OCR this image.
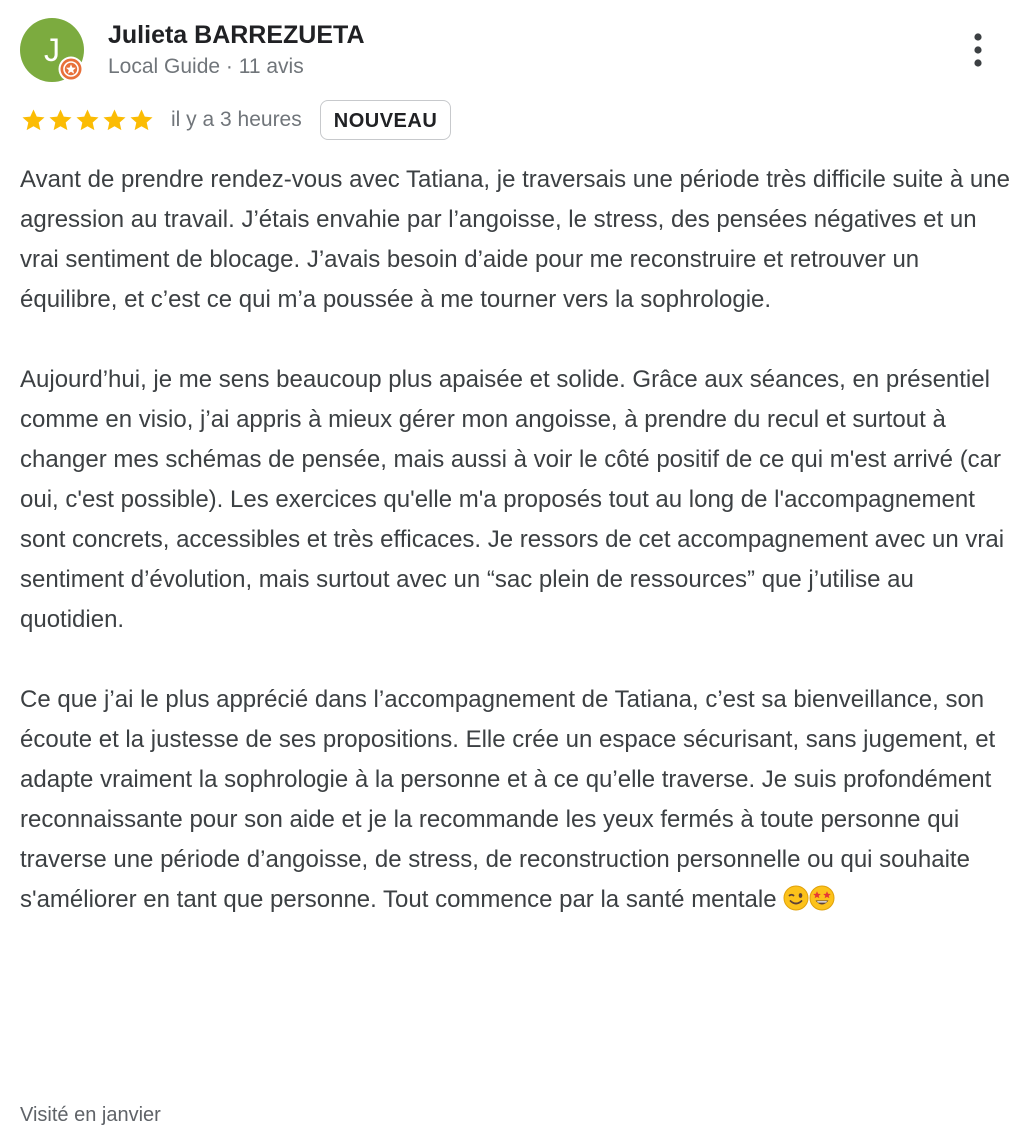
J	Julieta BARREZUETA
Local Guide · 11 avis
il y a 3 heures	NOUVEAU

Avant de prendre rendez-vous avec Tatiana, je traversais une période très difficile suite à une agression au travail. J’étais envahie par l’angoisse, le stress, des pensées négatives et un vrai sentiment de blocage. J’avais besoin d’aide pour me reconstruire et retrouver un équilibre, et c’est ce qui m’a poussée à me tourner vers la sophrologie.

Aujourd’hui, je me sens beaucoup plus apaisée et solide. Grâce aux séances, en présentiel comme en visio, j’ai appris à mieux gérer mon angoisse, à prendre du recul et surtout à changer mes schémas de pensée, mais aussi à voir le côté positif de ce qui m'est arrivé (car oui, c'est possible). Les exercices qu'elle m'a proposés tout au long de l'accompagnement sont concrets, accessibles et très efficaces. Je ressors de cet accompagnement avec un vrai sentiment d’évolution, mais surtout avec un “sac plein de ressources” que j’utilise au quotidien.

Ce que j’ai le plus apprécié dans l’accompagnement de Tatiana, c’est sa bienveillance, son écoute et la justesse de ses propositions. Elle crée un espace sécurisant, sans jugement, et adapte vraiment la sophrologie à la personne et à ce qu’elle traverse. Je suis profondément reconnaissante pour son aide et je la recommande les yeux fermés à toute personne qui traverse une période d’angoisse, de stress, de reconstruction personnelle ou qui souhaite s'améliorer en tant que personne. Tout commence par la santé mentale

Visité en janvier
